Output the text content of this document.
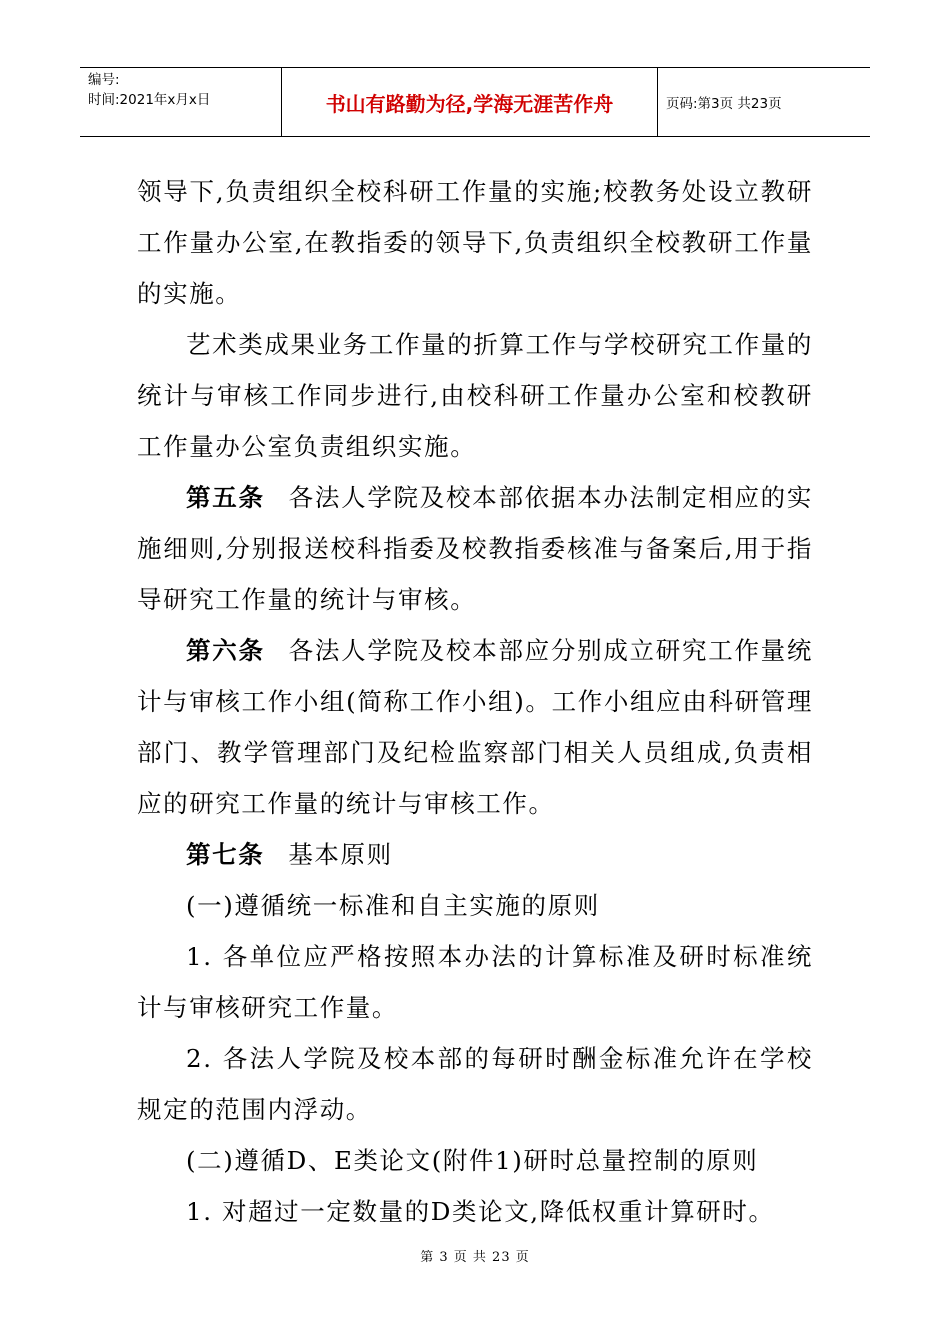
编号:
时间:2021年x月x日	书山有路勤为径,学海无涯苦作舟	页码:第3页 共23页

领导下,负责组织全校科研工作量的实施;校教务处设立教研工作量办公室,在教指委的领导下,负责组织全校教研工作量的实施。

艺术类成果业务工作量的折算工作与学校研究工作量的统计与审核工作同步进行,由校科研工作量办公室和校教研工作量办公室负责组织实施。

第五条 各法人学院及校本部依据本办法制定相应的实施细则,分别报送校科指委及校教指委核准与备案后,用于指导研究工作量的统计与审核。

第六条 各法人学院及校本部应分别成立研究工作量统计与审核工作小组(简称工作小组)。工作小组应由科研管理部门、教学管理部门及纪检监察部门相关人员组成,负责相应的研究工作量的统计与审核工作。

第七条 基本原则

(一)遵循统一标准和自主实施的原则

1. 各单位应严格按照本办法的计算标准及研时标准统计与审核研究工作量。

2. 各法人学院及校本部的每研时酬金标准允许在学校规定的范围内浮动。

(二)遵循D、E类论文(附件1)研时总量控制的原则

1. 对超过一定数量的D类论文,降低权重计算研时。

第 3 页 共 23 页
